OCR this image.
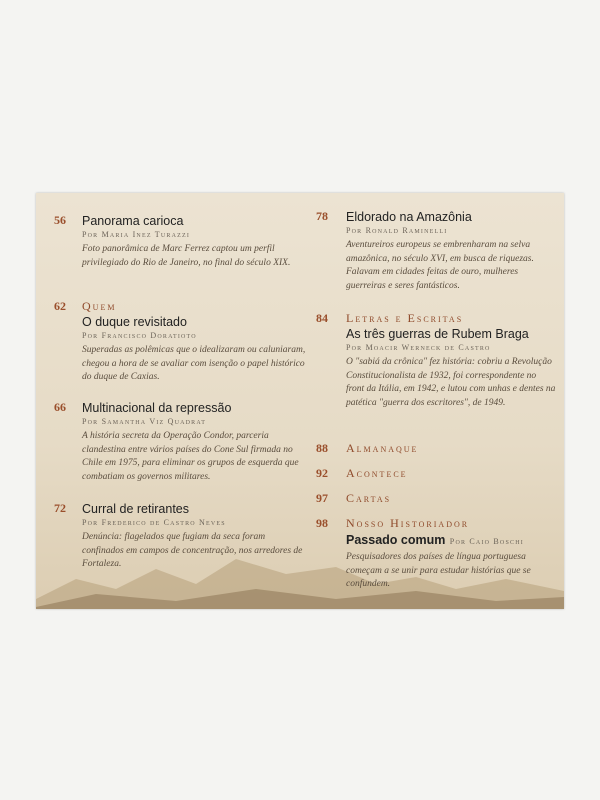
56 Panorama carioca
Por Maria Inez Turazzi
Foto panorâmica de Marc Ferrez captou um perfil privilegiado do Rio de Janeiro, no final do século XIX.
62 Quem
O duque revisitado
Por Francisco Doratioto
Superadas as polêmicas que o idealizaram ou caluniaram, chegou a hora de se avaliar com isenção o papel histórico do duque de Caxias.
66 Multinacional da repressão
Por Samantha Viz Quadrat
A história secreta da Operação Condor, parceria clandestina entre vários países do Cone Sul firmada no Chile em 1975, para eliminar os grupos de esquerda que combatiam os governos militares.
72 Curral de retirantes
Por Frederico de Castro Neves
Denúncia: flagelados que fugiam da seca foram confinados em campos de concentração, nos arredores de Fortaleza.
78 Eldorado na Amazônia
Por Ronald Raminelli
Aventureiros europeus se embrenharam na selva amazônica, no século XVI, em busca de riquezas. Falavam em cidades feitas de ouro, mulheres guerreiras e seres fantásticos.
84 Letras e Escritas
As três guerras de Rubem Braga
Por Moacir Werneck de Castro
O "sabiá da crônica" fez história: cobriu a Revolução Constitucionalista de 1932, foi correspondente no front da Itália, em 1942, e lutou com unhas e dentes na patética "guerra dos escritores", de 1949.
88 Almanaque
92 Acontece
97 Cartas
98 Nosso Historiador
Passado comum Por Caio Boschi
Pesquisadores dos países de língua portuguesa começam a se unir para estudar histórias que se confundem.
